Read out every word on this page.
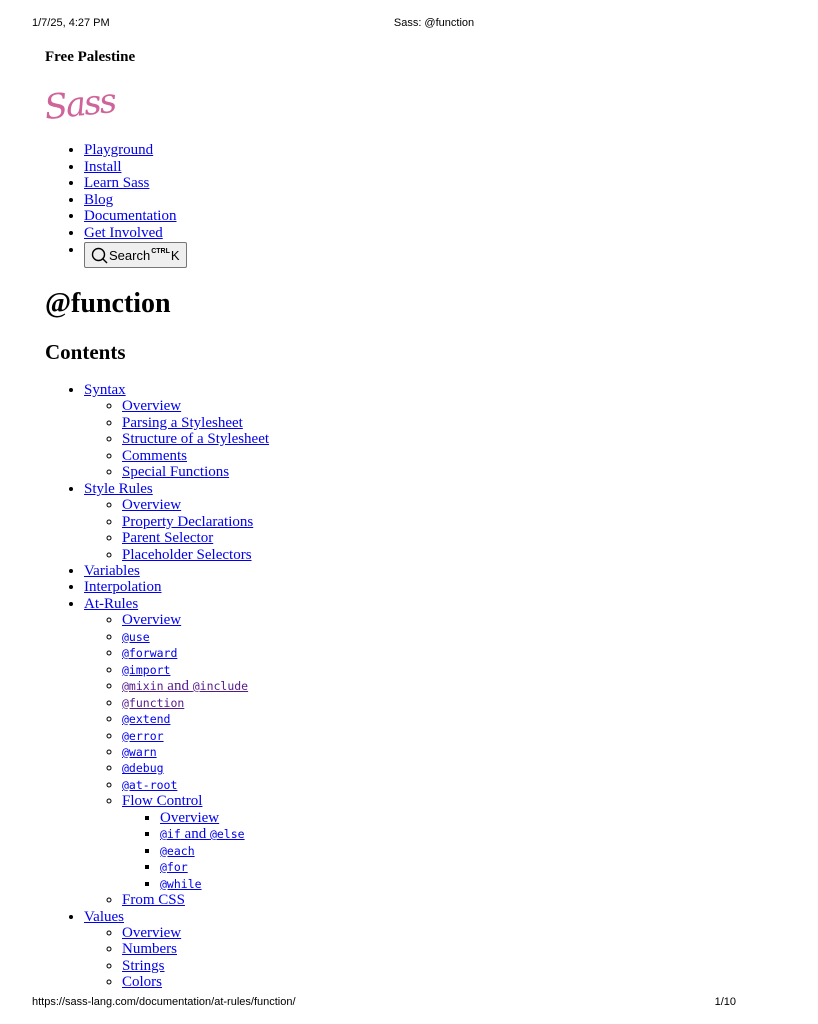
1/7/25, 4:27 PM	Sass: @function

Free Palestine

Sass
• Playground
• Install
• Learn Sass
• Blog
• Documentation
• Get Involved
• Search CTRL K
@function
Contents
• Syntax
◦ Overview
◦ Parsing a Stylesheet
◦ Structure of a Stylesheet
◦ Comments
◦ Special Functions
• Style Rules
◦ Overview
◦ Property Declarations
◦ Parent Selector
◦ Placeholder Selectors
• Variables
• Interpolation
• At-Rules
◦ Overview
◦ @use
◦ @forward
◦ @import
◦ @mixin and @include
◦ @function
◦ @extend
◦ @error
◦ @warn
◦ @debug
◦ @at-root
◦ Flow Control
▪ Overview
▪ @if and @else
▪ @each
▪ @for
▪ @while
◦ From CSS
• Values
◦ Overview
◦ Numbers
◦ Strings
◦ Colors
https://sass-lang.com/documentation/at-rules/function/	1/10
